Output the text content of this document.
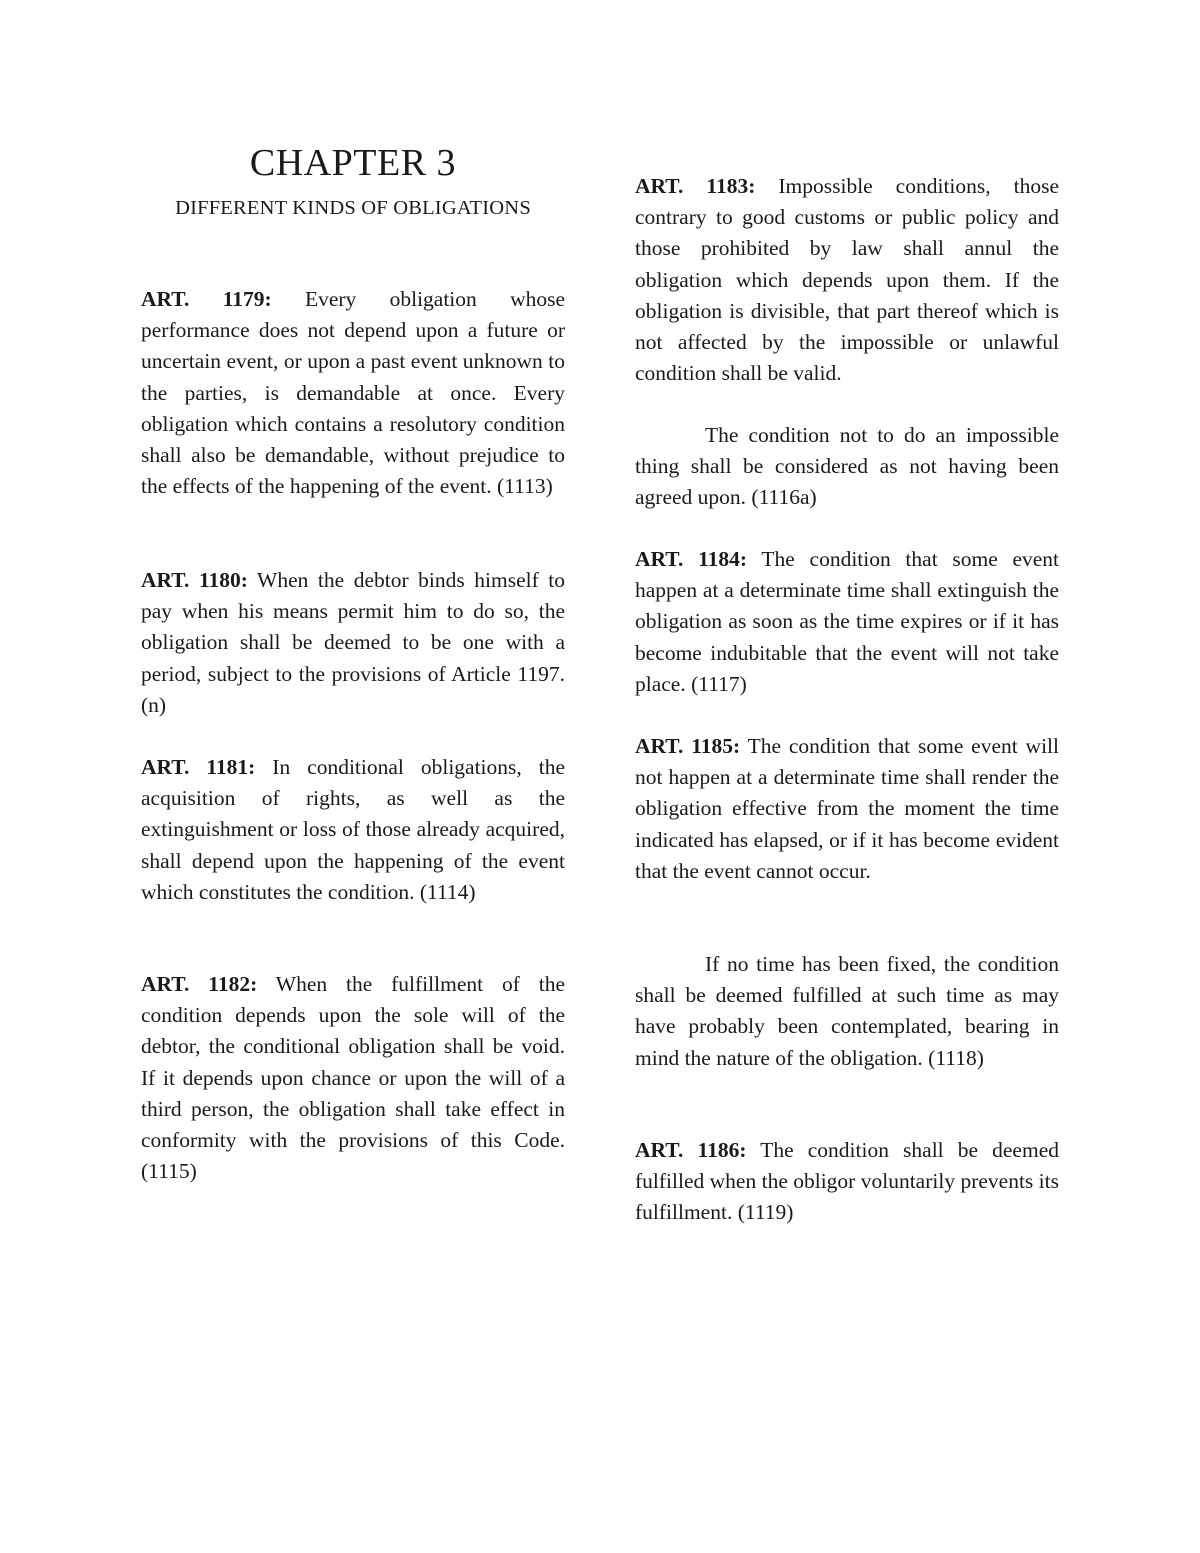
CHAPTER 3
DIFFERENT KINDS OF OBLIGATIONS

ART. 1179: Every obligation whose performance does not depend upon a future or uncertain event, or upon a past event unknown to the parties, is demandable at once. Every obligation which contains a resolutory condition shall also be demandable, without prejudice to the effects of the happening of the event. (1113)

ART. 1180: When the debtor binds himself to pay when his means permit him to do so, the obligation shall be deemed to be one with a period, subject to the provisions of Article 1197. (n)

ART. 1181: In conditional obligations, the acquisition of rights, as well as the extinguishment or loss of those already acquired, shall depend upon the happening of the event which constitutes the condition. (1114)

ART. 1182: When the fulfillment of the condition depends upon the sole will of the debtor, the conditional obligation shall be void. If it depends upon chance or upon the will of a third person, the obligation shall take effect in conformity with the provisions of this Code. (1115)

ART. 1183: Impossible conditions, those contrary to good customs or public policy and those prohibited by law shall annul the obligation which depends upon them. If the obligation is divisible, that part thereof which is not affected by the impossible or unlawful condition shall be valid.

The condition not to do an impossible thing shall be considered as not having been agreed upon. (1116a)

ART. 1184: The condition that some event happen at a determinate time shall extinguish the obligation as soon as the time expires or if it has become indubitable that the event will not take place. (1117)

ART. 1185: The condition that some event will not happen at a determinate time shall render the obligation effective from the moment the time indicated has elapsed, or if it has become evident that the event cannot occur.

If no time has been fixed, the condition shall be deemed fulfilled at such time as may have probably been contemplated, bearing in mind the nature of the obligation. (1118)

ART. 1186: The condition shall be deemed fulfilled when the obligor voluntarily prevents its fulfillment. (1119)
